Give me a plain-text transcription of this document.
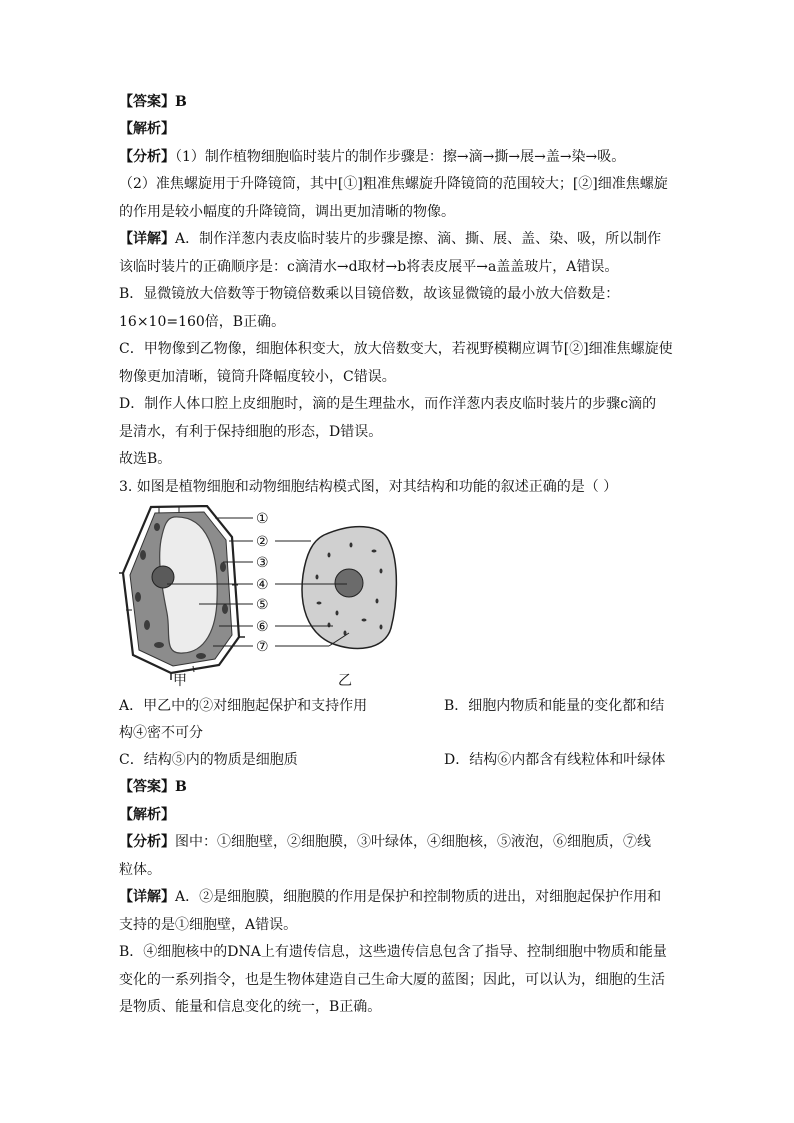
【答案】B
【解析】
【分析】（1）制作植物细胞临时装片的制作步骤是：擦→滴→撕→展→盖→染→吸。
（2）准焦螺旋用于升降镜筒，其中[①]粗准焦螺旋升降镜筒的范围较大；[②]细准焦螺旋
的作用是较小幅度的升降镜筒，调出更加清晰的物像。
【详解】A．制作洋葱内表皮临时装片的步骤是擦、滴、撕、展、盖、染、吸，所以制作
该临时装片的正确顺序是：c滴清水→d取材→b将表皮展平→a盖盖玻片，A错误。
B．显微镜放大倍数等于物镜倍数乘以目镜倍数，故该显微镜的最小放大倍数是：
16×10=160倍，B正确。
C．甲物像到乙物像，细胞体积变大，放大倍数变大，若视野模糊应调节[②]细准焦螺旋使
物像更加清晰，镜筒升降幅度较小，C错误。
D．制作人体口腔上皮细胞时，滴的是生理盐水，而作洋葱内表皮临时装片的步骤c滴的
是清水，有利于保持细胞的形态，D错误。
故选B。
3. 如图是植物细胞和动物细胞结构模式图，对其结构和功能的叙述正确的是（ ）
①
②
③
④
⑤
⑥
⑦
甲	乙
A．甲乙中的②对细胞起保护和支持作用	B．细胞内物质和能量的变化都和结
构④密不可分
C．结构⑤内的物质是细胞质	D．结构⑥内都含有线粒体和叶绿体
【答案】B
【解析】
【分析】图中：①细胞壁，②细胞膜，③叶绿体，④细胞核，⑤液泡，⑥细胞质，⑦线
粒体。
【详解】A．②是细胞膜，细胞膜的作用是保护和控制物质的进出，对细胞起保护作用和
支持的是①细胞壁，A错误。
B．④细胞核中的DNA上有遗传信息，这些遗传信息包含了指导、控制细胞中物质和能量
变化的一系列指令，也是生物体建造自己生命大厦的蓝图；因此，可以认为，细胞的生活
是物质、能量和信息变化的统一，B正确。
